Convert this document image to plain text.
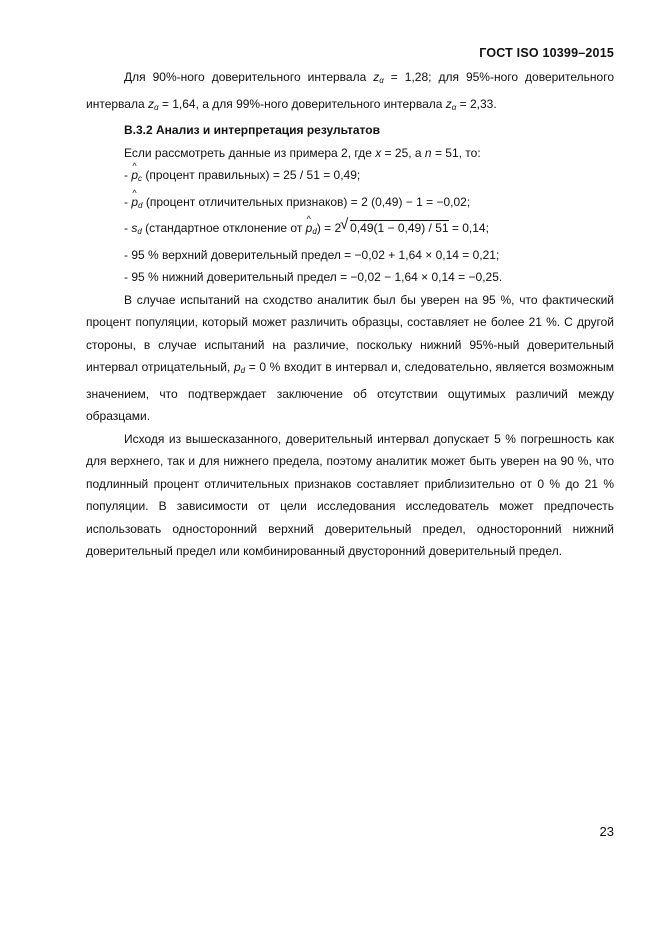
ГОСТ ISO 10399–2015

Для 90%-ного доверительного интервала $z_\alpha = 1,28$; для 95%-ного доверительного интервала $z_\alpha = 1,64$, а для 99%-ного доверительного интервала $z_\alpha = 2,33$.

В.3.2 Анализ и интерпретация результатов

Если рассмотреть данные из примера 2, где x = 25, а n = 51, то:

- ^ $p_c$ (процент правильных) = 25 / 51 = 0,49;

- ^ $p_d$ (процент отличительных признаков) = 2 (0,49) − 1 = −0,02;

- $s_d$ (стандартное отклонение от ^ $p_d) = 2$ √ 0,49(1 − 0,49) / 51 = 0,14;

- 95 % верхний доверительный предел = −0,02 + 1,64 × 0,14 = 0,21;

- 95 % нижний доверительный предел = −0,02 − 1,64 × 0,14 = −0,25.

В случае испытаний на сходство аналитик был бы уверен на 95 %, что фактический процент популяции, который может различить образцы, составляет не более 21 %. С другой стороны, в случае испытаний на различие, поскольку нижний 95%-ный доверительный интервал отрицательный, $p_d = 0$ % входит в интервал и, следовательно, является возможным значением, что подтверждает заключение об отсутствии ощутимых различий между образцами.

Исходя из вышесказанного, доверительный интервал допускает 5 % погрешность как для верхнего, так и для нижнего предела, поэтому аналитик может быть уверен на 90 %, что подлинный процент отличительных признаков составляет приблизительно от 0 % до 21 % популяции. В зависимости от цели исследования исследователь может предпочесть использовать односторонний верхний доверительный предел, односторонний нижний доверительный предел или комбинированный двусторонний доверительный предел.

23
